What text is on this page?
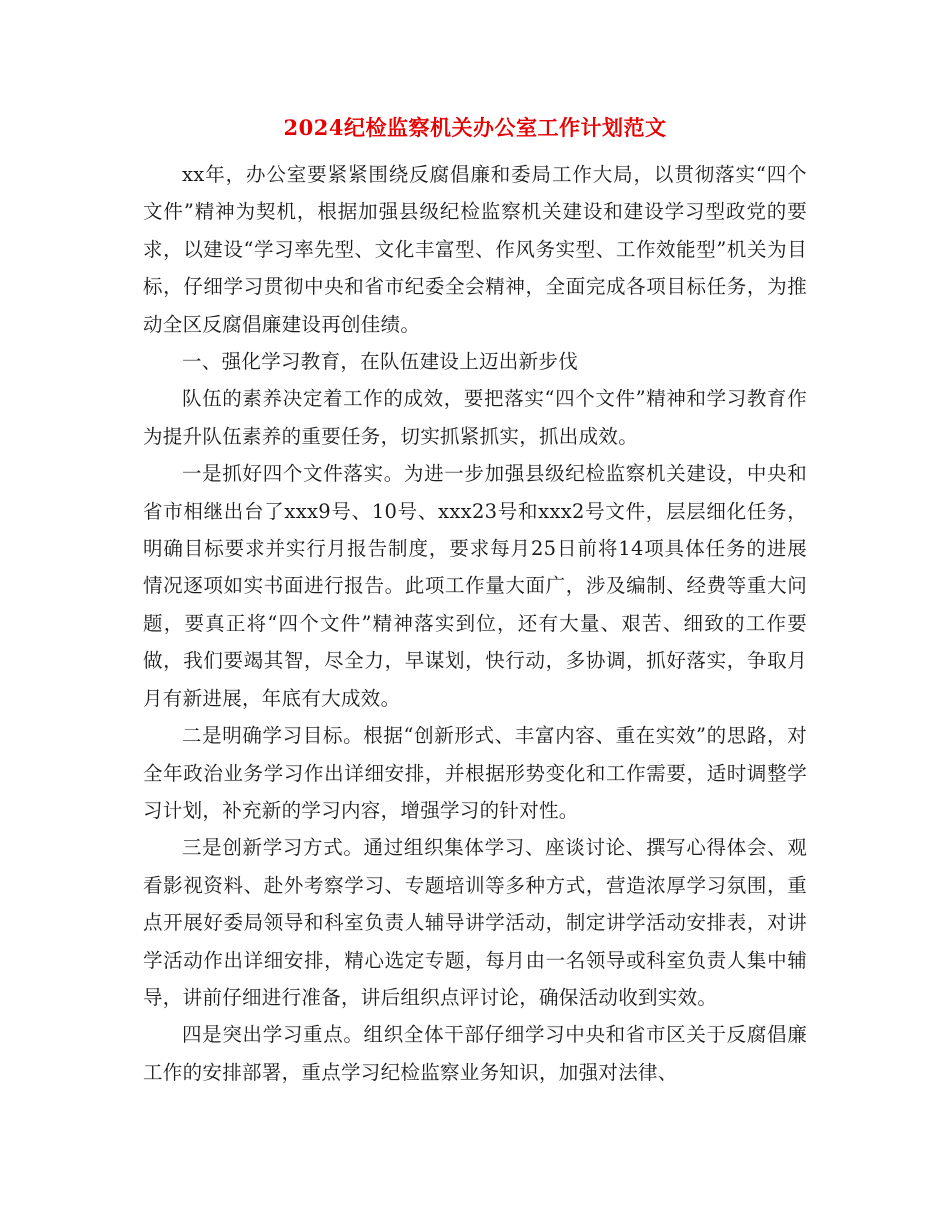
2024纪检监察机关办公室工作计划范文

xx年，办公室要紧紧围绕反腐倡廉和委局工作大局，以贯彻落实“四个文件”精神为契机，根据加强县级纪检监察机关建设和建设学习型政党的要求，以建设“学习率先型、文化丰富型、作风务实型、工作效能型”机关为目标，仔细学习贯彻中央和省市纪委全会精神，全面完成各项目标任务，为推动全区反腐倡廉建设再创佳绩。

一、强化学习教育，在队伍建设上迈出新步伐

队伍的素养决定着工作的成效，要把落实“四个文件”精神和学习教育作为提升队伍素养的重要任务，切实抓紧抓实，抓出成效。

一是抓好四个文件落实。为进一步加强县级纪检监察机关建设，中央和省市相继出台了xxx9号、10号、xxx23号和xxx2号文件，层层细化任务，明确目标要求并实行月报告制度，要求每月25日前将14项具体任务的进展情况逐项如实书面进行报告。此项工作量大面广，涉及编制、经费等重大问题，要真正将“四个文件”精神落实到位，还有大量、艰苦、细致的工作要做，我们要竭其智，尽全力，早谋划，快行动，多协调，抓好落实，争取月月有新进展，年底有大成效。

二是明确学习目标。根据“创新形式、丰富内容、重在实效”的思路，对全年政治业务学习作出详细安排，并根据形势变化和工作需要，适时调整学习计划，补充新的学习内容，增强学习的针对性。

三是创新学习方式。通过组织集体学习、座谈讨论、撰写心得体会、观看影视资料、赴外考察学习、专题培训等多种方式，营造浓厚学习氛围，重点开展好委局领导和科室负责人辅导讲学活动，制定讲学活动安排表，对讲学活动作出详细安排，精心选定专题，每月由一名领导或科室负责人集中辅导，讲前仔细进行准备，讲后组织点评讨论，确保活动收到实效。

四是突出学习重点。组织全体干部仔细学习中央和省市区关于反腐倡廉工作的安排部署，重点学习纪检监察业务知识，加强对法律、
